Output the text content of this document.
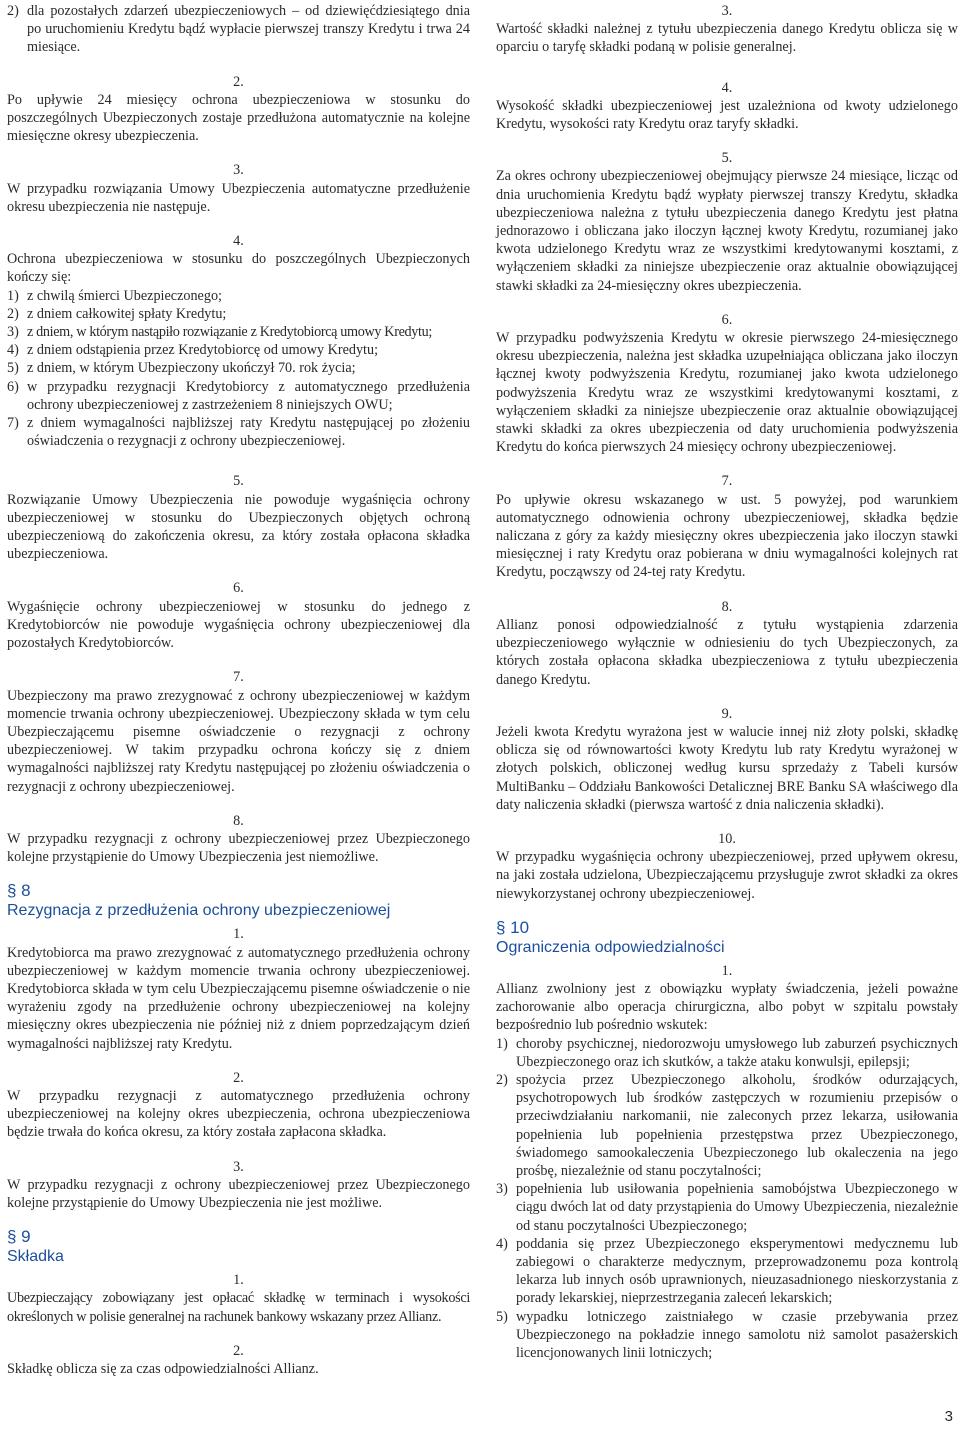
2) dla pozostałych zdarzeń ubezpieczeniowych – od dziewięćdziesiątego dnia po uruchomieniu Kredytu bądź wypłacie pierwszej transzy Kredytu i trwa 24 miesiące.

2.

Po upływie 24 miesięcy ochrona ubezpieczeniowa w stosunku do poszczególnych Ubezpieczonych zostaje przedłużona automatycznie na kolejne miesięczne okresy ubezpieczenia.

3.

W przypadku rozwiązania Umowy Ubezpieczenia automatyczne przedłużenie okresu ubezpieczenia nie następuje.

4.

Ochrona ubezpieczeniowa w stosunku do poszczególnych Ubezpieczonych kończy się:

1) z chwilą śmierci Ubezpieczonego;
2) z dniem całkowitej spłaty Kredytu;
3) z dniem, w którym nastąpiło rozwiązanie z Kredytobiorcą umowy Kredytu;
4) z dniem odstąpienia przez Kredytobiorcę od umowy Kredytu;
5) z dniem, w którym Ubezpieczony ukończył 70. rok życia;
6) w przypadku rezygnacji Kredytobiorcy z automatycznego przedłużenia ochrony ubezpieczeniowej z zastrzeżeniem 8 niniejszych OWU;
7) z dniem wymagalności najbliższej raty Kredytu następującej po złożeniu oświadczenia o rezygnacji z ochrony ubezpieczeniowej.

5.

Rozwiązanie Umowy Ubezpieczenia nie powoduje wygaśnięcia ochrony ubezpieczeniowej w stosunku do Ubezpieczonych objętych ochroną ubezpieczeniową do zakończenia okresu, za który została opłacona składka ubezpieczeniowa.

6.

Wygaśnięcie ochrony ubezpieczeniowej w stosunku do jednego z Kredytobiorców nie powoduje wygaśnięcia ochrony ubezpieczeniowej dla pozostałych Kredytobiorców.

7.

Ubezpieczony ma prawo zrezygnować z ochrony ubezpieczeniowej w każdym momencie trwania ochrony ubezpieczeniowej. Ubezpieczony składa w tym celu Ubezpieczającemu pisemne oświadczenie o rezygnacji z ochrony ubezpieczeniowej. W takim przypadku ochrona kończy się z dniem wymagalności najbliższej raty Kredytu następującej po złożeniu oświadczenia o rezygnacji z ochrony ubezpieczeniowej.

8.

W przypadku rezygnacji z ochrony ubezpieczeniowej przez Ubezpieczonego kolejne przystąpienie do Umowy Ubezpieczenia jest niemożliwe.

§ 8
Rezygnacja z przedłużenia ochrony ubezpieczeniowej

1.

Kredytobiorca ma prawo zrezygnować z automatycznego przedłużenia ochrony ubezpieczeniowej w każdym momencie trwania ochrony ubezpieczeniowej. Kredytobiorca składa w tym celu Ubezpieczającemu pisemne oświadczenie o nie wyrażeniu zgody na przedłużenie ochrony ubezpieczeniowej na kolejny miesięczny okres ubezpieczenia nie później niż z dniem poprzedzającym dzień wymagalności najbliższej raty Kredytu.

2.

W przypadku rezygnacji z automatycznego przedłużenia ochrony ubezpieczeniowej na kolejny okres ubezpieczenia, ochrona ubezpieczeniowa będzie trwała do końca okresu, za który została zapłacona składka.

3.

W przypadku rezygnacji z ochrony ubezpieczeniowej przez Ubezpieczonego kolejne przystąpienie do Umowy Ubezpieczenia nie jest możliwe.

§ 9
Składka

1.

Ubezpieczający zobowiązany jest opłacać składkę w terminach i wysokości określonych w polisie generalnej na rachunek bankowy wskazany przez Allianz.

2.

Składkę oblicza się za czas odpowiedzialności Allianz.

3.

Wartość składki należnej z tytułu ubezpieczenia danego Kredytu oblicza się w oparciu o taryfę składki podaną w polisie generalnej.

4.

Wysokość składki ubezpieczeniowej jest uzależniona od kwoty udzielonego Kredytu, wysokości raty Kredytu oraz taryfy składki.

5.

Za okres ochrony ubezpieczeniowej obejmujący pierwsze 24 miesiące, licząc od dnia uruchomienia Kredytu bądź wypłaty pierwszej transzy Kredytu, składka ubezpieczeniowa należna z tytułu ubezpieczenia danego Kredytu jest płatna jednorazowo i obliczana jako iloczyn łącznej kwoty Kredytu, rozumianej jako kwota udzielonego Kredytu wraz ze wszystkimi kredytowanymi kosztami, z wyłączeniem składki za niniejsze ubezpieczenie oraz aktualnie obowiązującej stawki składki za 24-miesięczny okres ubezpieczenia.

6.

W przypadku podwyższenia Kredytu w okresie pierwszego 24-miesięcznego okresu ubezpieczenia, należna jest składka uzupełniająca obliczana jako iloczyn łącznej kwoty podwyższenia Kredytu, rozumianej jako kwota udzielonego podwyższenia Kredytu wraz ze wszystkimi kredytowanymi kosztami, z wyłączeniem składki za niniejsze ubezpieczenie oraz aktualnie obowiązującej stawki składki za okres ubezpieczenia od daty uruchomienia podwyższenia Kredytu do końca pierwszych 24 miesięcy ochrony ubezpieczeniowej.

7.

Po upływie okresu wskazanego w ust. 5 powyżej, pod warunkiem automatycznego odnowienia ochrony ubezpieczeniowej, składka będzie naliczana z góry za każdy miesięczny okres ubezpieczenia jako iloczyn stawki miesięcznej i raty Kredytu oraz pobierana w dniu wymagalności kolejnych rat Kredytu, począwszy od 24-tej raty Kredytu.

8.

Allianz ponosi odpowiedzialność z tytułu wystąpienia zdarzenia ubezpieczeniowego wyłącznie w odniesieniu do tych Ubezpieczonych, za których została opłacona składka ubezpieczeniowa z tytułu ubezpieczenia danego Kredytu.

9.

Jeżeli kwota Kredytu wyrażona jest w walucie innej niż złoty polski, składkę oblicza się od równowartości kwoty Kredytu lub raty Kredytu wyrażonej w złotych polskich, obliczonej według kursu sprzedaży z Tabeli kursów MultiBanku – Oddziału Bankowości Detalicznej BRE Banku SA właściwego dla daty naliczenia składki (pierwsza wartość z dnia naliczenia składki).

10.

W przypadku wygaśnięcia ochrony ubezpieczeniowej, przed upływem okresu, na jaki została udzielona, Ubezpieczającemu przysługuje zwrot składki za okres niewykorzystanej ochrony ubezpieczeniowej.

§ 10
Ograniczenia odpowiedzialności

1.

Allianz zwolniony jest z obowiązku wypłaty świadczenia, jeżeli poważne zachorowanie albo operacja chirurgiczna, albo pobyt w szpitalu powstały bezpośrednio lub pośrednio wskutek:

1) choroby psychicznej, niedorozwoju umysłowego lub zaburzeń psychicznych Ubezpieczonego oraz ich skutków, a także ataku konwulsji, epilepsji;
2) spożycia przez Ubezpieczonego alkoholu, środków odurzających, psychotropowych lub środków zastępczych w rozumieniu przepisów o przeciwdziałaniu narkomanii, nie zaleconych przez lekarza, usiłowania popełnienia lub popełnienia przestępstwa przez Ubezpieczonego, świadomego samookaleczenia Ubezpieczonego lub okaleczenia na jego prośbę, niezależnie od stanu poczytalności;
3) popełnienia lub usiłowania popełnienia samobójstwa Ubezpieczonego w ciągu dwóch lat od daty przystąpienia do Umowy Ubezpieczenia, niezależnie od stanu poczytalności Ubezpieczonego;
4) poddania się przez Ubezpieczonego eksperymentowi medycznemu lub zabiegowi o charakterze medycznym, przeprowadzonemu poza kontrolą lekarza lub innych osób uprawnionych, nieuzasadnionego nieskorzystania z porady lekarskiej, nieprzestrzegania zaleceń lekarskich;
5) wypadku lotniczego zaistniałego w czasie przebywania przez Ubezpieczonego na pokładzie innego samolotu niż samolot pasażerskich licencjonowanych linii lotniczych;
3
